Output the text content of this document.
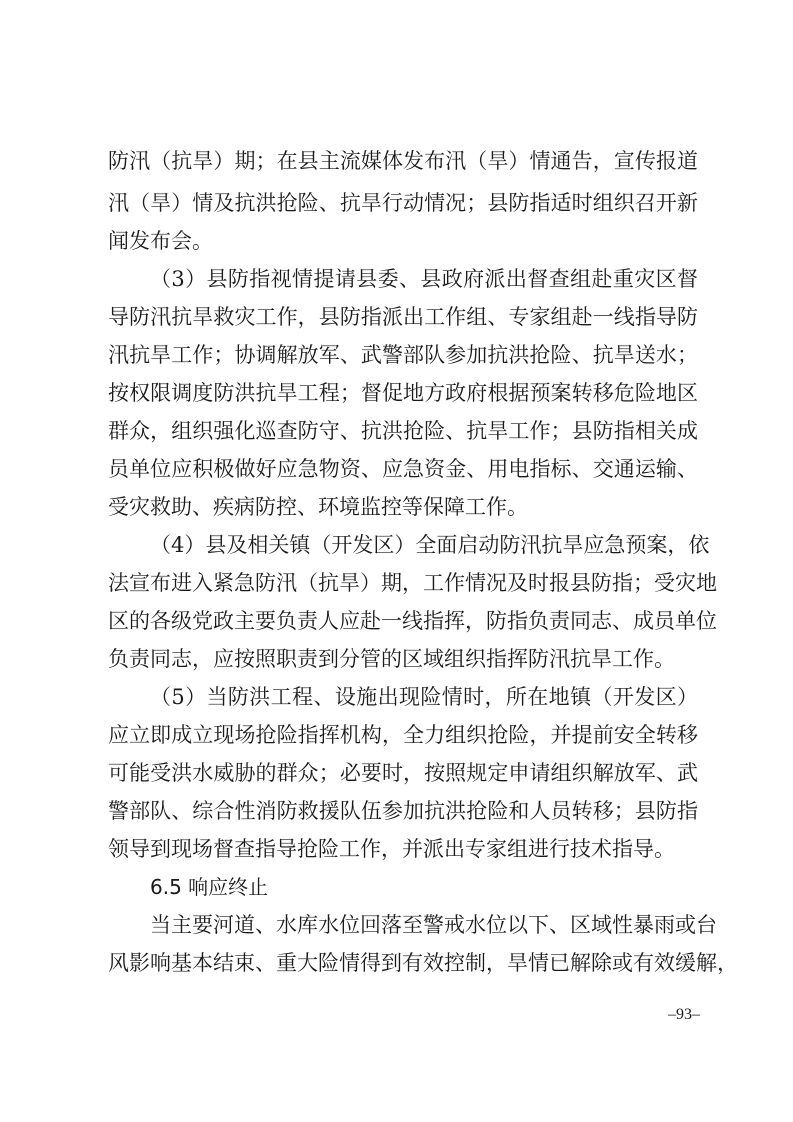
防汛（抗旱）期；在县主流媒体发布汛（旱）情通告，宣传报道
汛（旱）情及抗洪抢险、抗旱行动情况；县防指适时组织召开新
闻发布会。
（3）县防指视情提请县委、县政府派出督查组赴重灾区督
导防汛抗旱救灾工作，县防指派出工作组、专家组赴一线指导防
汛抗旱工作；协调解放军、武警部队参加抗洪抢险、抗旱送水；
按权限调度防洪抗旱工程；督促地方政府根据预案转移危险地区
群众，组织强化巡查防守、抗洪抢险、抗旱工作；县防指相关成
员单位应积极做好应急物资、应急资金、用电指标、交通运输、
受灾救助、疾病防控、环境监控等保障工作。
（4）县及相关镇（开发区）全面启动防汛抗旱应急预案，依
法宣布进入紧急防汛（抗旱）期，工作情况及时报县防指；受灾地
区的各级党政主要负责人应赴一线指挥，防指负责同志、成员单位
负责同志，应按照职责到分管的区域组织指挥防汛抗旱工作。
（5）当防洪工程、设施出现险情时，所在地镇（开发区）
应立即成立现场抢险指挥机构，全力组织抢险，并提前安全转移
可能受洪水威胁的群众；必要时，按照规定申请组织解放军、武
警部队、综合性消防救援队伍参加抗洪抢险和人员转移；县防指
领导到现场督查指导抢险工作，并派出专家组进行技术指导。
6.5 响应终止
当主要河道、水库水位回落至警戒水位以下、区域性暴雨或台
风影响基本结束、重大险情得到有效控制，旱情已解除或有效缓解，
–93–
